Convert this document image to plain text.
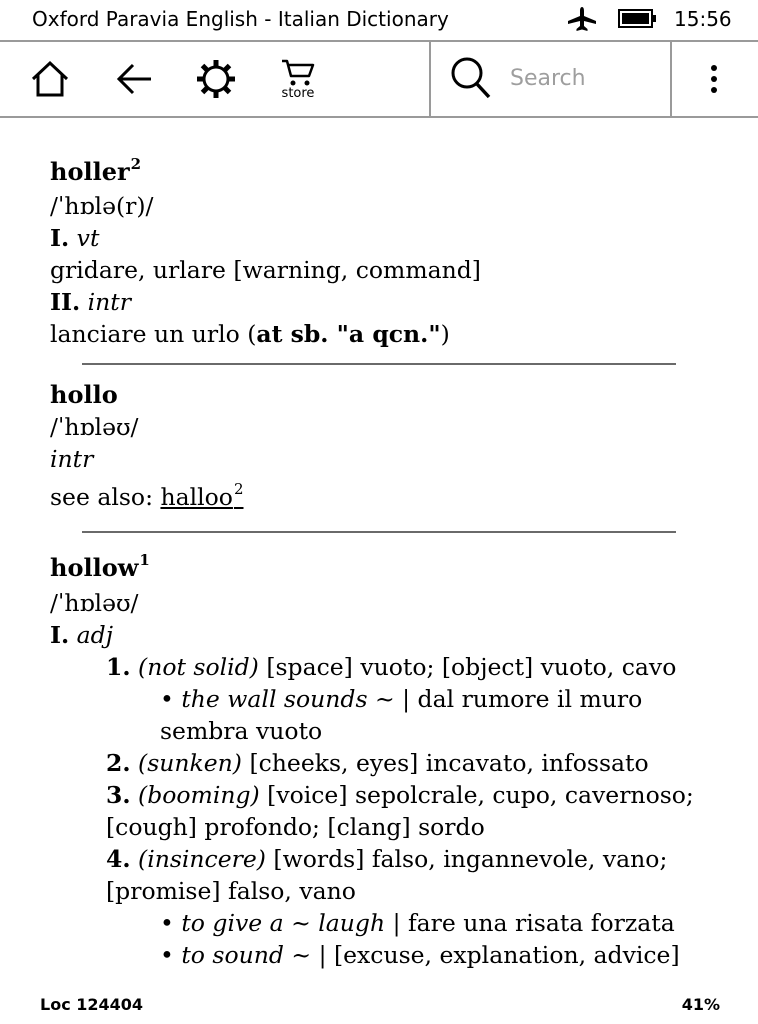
Oxford Paravia English - Italian Dictionary	15:56
store
Search
holler$^2$
/ˈhɒlə(r)/
I. vt
gridare, urlare [warning, command]
II. intr
lanciare un urlo (at sb. "a qcn.")
hollo
/ˈhɒləʊ/
intr
see also: halloo$^2$
hollow$^1$
/ˈhɒləʊ/
I. adj
1. (not solid) [space] vuoto; [object] vuoto, cavo
• the wall sounds ~ | dal rumore il muro
sembra vuoto
2. (sunken) [cheeks, eyes] incavato, infossato
3. (booming) [voice] sepolcrale, cupo, cavernoso;
[cough] profondo; [clang] sordo
4. (insincere) [words] falso, ingannevole, vano;
[promise] falso, vano
• to give a ~ laugh | fare una risata forzata
• to sound ~ | [excuse, explanation, advice]
Loc 124404	41%
